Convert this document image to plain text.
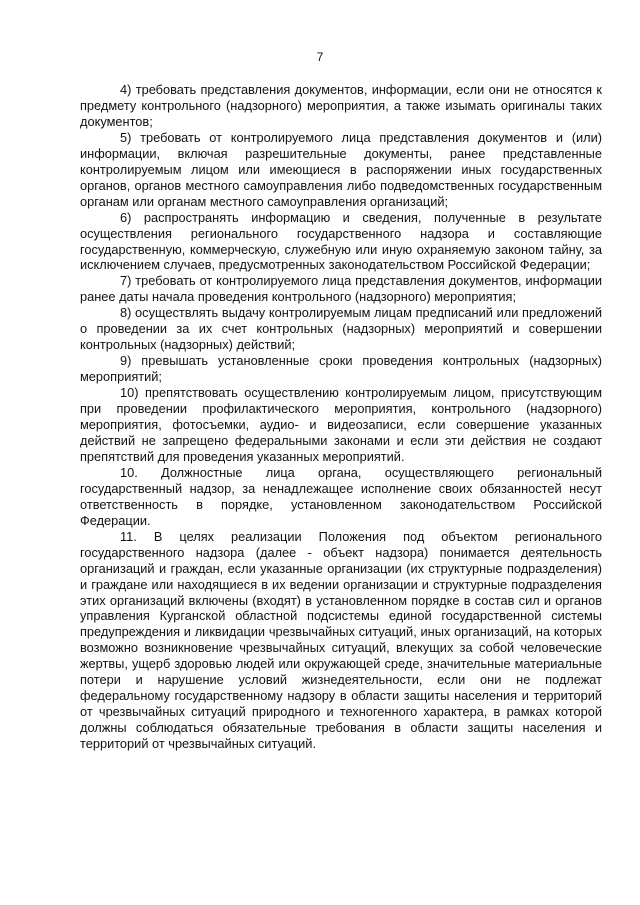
7

4) требовать представления документов, информации, если они не относятся к предмету контрольного (надзорного) мероприятия, а также изымать оригиналы таких документов;

5) требовать от контролируемого лица представления документов и (или) информации, включая разрешительные документы, ранее представленные контролируемым лицом или имеющиеся в распоряжении иных государственных органов, органов местного самоуправления либо подведомственных государственным органам или органам местного самоуправления организаций;

6) распространять информацию и сведения, полученные в результате осуществления регионального государственного надзора и составляющие государственную, коммерческую, служебную или иную охраняемую законом тайну, за исключением случаев, предусмотренных законодательством Российской Федерации;

7) требовать от контролируемого лица представления документов, информации ранее даты начала проведения контрольного (надзорного) мероприятия;

8) осуществлять выдачу контролируемым лицам предписаний или предложений о проведении за их счет контрольных (надзорных) мероприятий и совершении контрольных (надзорных) действий;

9) превышать установленные сроки проведения контрольных (надзорных) мероприятий;

10) препятствовать осуществлению контролируемым лицом, присутствующим при проведении профилактического мероприятия, контрольного (надзорного) мероприятия, фотосъемки, аудио- и видеозаписи, если совершение указанных действий не запрещено федеральными законами и если эти действия не создают препятствий для проведения указанных мероприятий.

10. Должностные лица органа, осуществляющего региональный государственный надзор, за ненадлежащее исполнение своих обязанностей несут ответственность в порядке, установленном законодательством Российской Федерации.

11. В целях реализации Положения под объектом регионального государственного надзора (далее - объект надзора) понимается деятельность организаций и граждан, если указанные организации (их структурные подразделения) и граждане или находящиеся в их ведении организации и структурные подразделения этих организаций включены (входят) в установленном порядке в состав сил и органов управления Курганской областной подсистемы единой государственной системы предупреждения и ликвидации чрезвычайных ситуаций, иных организаций, на которых возможно возникновение чрезвычайных ситуаций, влекущих за собой человеческие жертвы, ущерб здоровью людей или окружающей среде, значительные материальные потери и нарушение условий жизнедеятельности, если они не подлежат федеральному государственному надзору в области защиты населения и территорий от чрезвычайных ситуаций природного и техногенного характера, в рамках которой должны соблюдаться обязательные требования в области защиты населения и территорий от чрезвычайных ситуаций.
